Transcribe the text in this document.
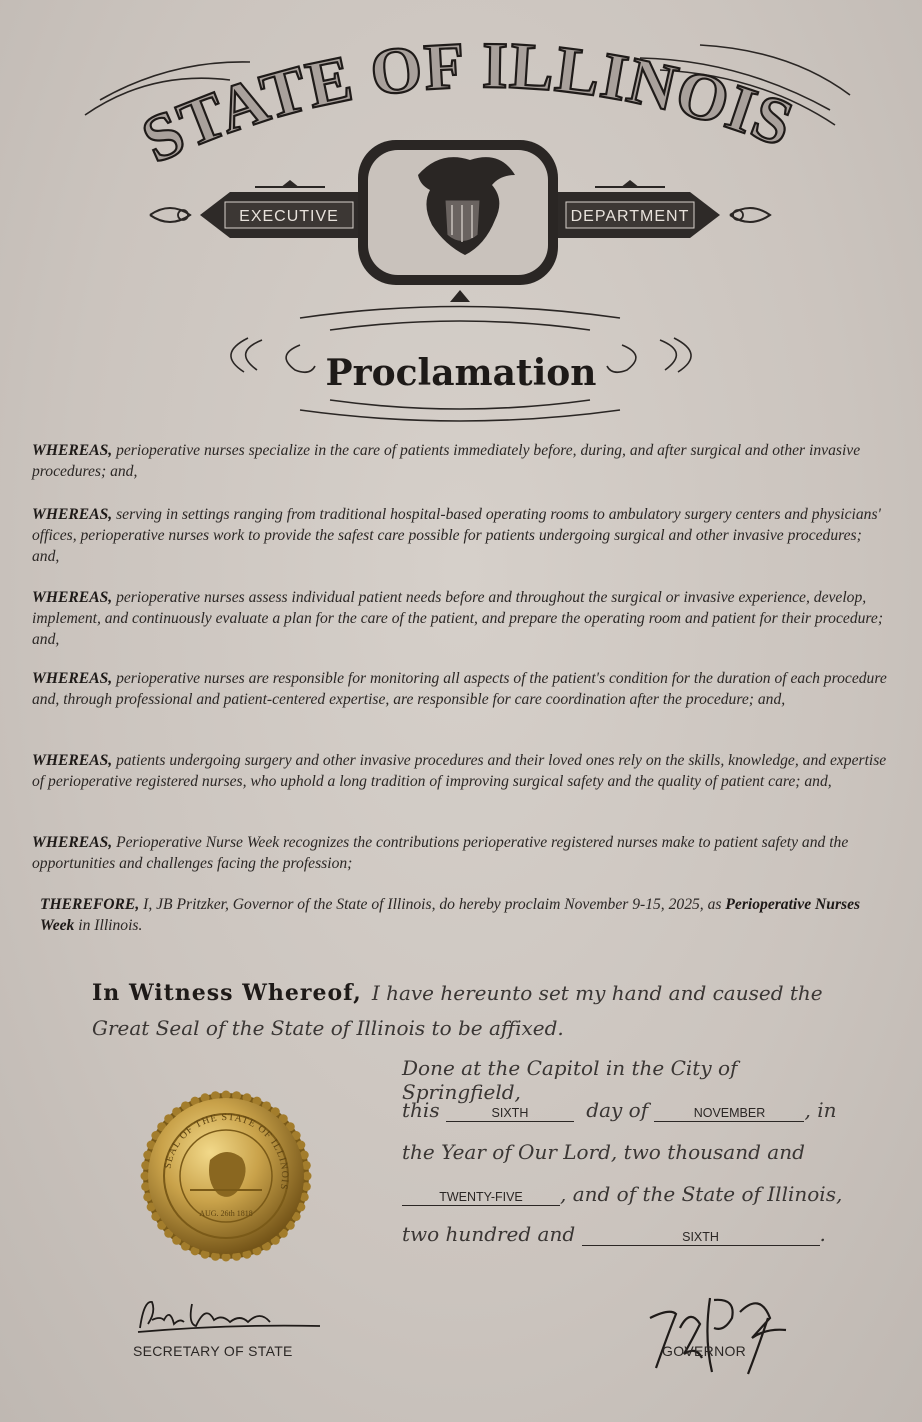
STATE OF ILLINOIS
EXECUTIVE	DEPARTMENT
Proclamation
WHEREAS, perioperative nurses specialize in the care of patients immediately before, during, and after surgical and other invasive procedures; and,
WHEREAS, serving in settings ranging from traditional hospital-based operating rooms to ambulatory surgery centers and physicians' offices, perioperative nurses work to provide the safest care possible for patients undergoing surgical and other invasive procedures; and,
WHEREAS, perioperative nurses assess individual patient needs before and throughout the surgical or invasive experience, develop, implement, and continuously evaluate a plan for the care of the patient, and prepare the operating room and patient for their procedure; and,
WHEREAS, perioperative nurses are responsible for monitoring all aspects of the patient's condition for the duration of each procedure and, through professional and patient-centered expertise, are responsible for care coordination after the procedure; and,
WHEREAS, patients undergoing surgery and other invasive procedures and their loved ones rely on the skills, knowledge, and expertise of perioperative registered nurses, who uphold a long tradition of improving surgical safety and the quality of patient care; and,
WHEREAS, Perioperative Nurse Week recognizes the contributions perioperative registered nurses make to patient safety and the opportunities and challenges facing the profession;
THEREFORE, I, JB Pritzker, Governor of the State of Illinois, do hereby proclaim November 9-15, 2025, as Perioperative Nurses Week in Illinois.
In Witness Whereof, I have hereunto set my hand and caused the
Great Seal of the State of Illinois to be affixed.
Done at the Capitol in the City of Springfield,
this	SIXTH	day of	NOVEMBER , in
the Year of Our Lord, two thousand and
TWENTY-FIVE , and of the State of Illinois,
two hundred and	SIXTH	.
SEAL OF THE STATE OF ILLINOIS
AUG. 26th 1818
SECRETARY OF STATE	GOVERNOR
